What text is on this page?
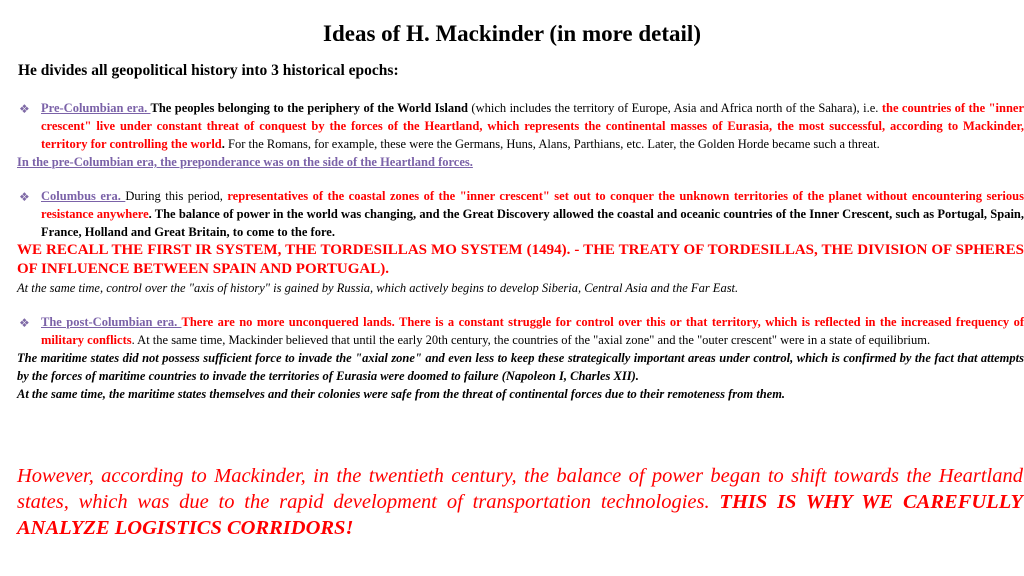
Ideas of H. Mackinder (in more detail)
He divides all geopolitical history into 3 historical epochs:
❖ Pre-Columbian era. The peoples belonging to the periphery of the World Island (which includes the territory of Europe, Asia and Africa north of the Sahara), i.e. the countries of the "inner crescent" live under constant threat of conquest by the forces of the Heartland, which represents the continental masses of Eurasia, the most successful, according to Mackinder, territory for controlling the world. For the Romans, for example, these were the Germans, Huns, Alans, Parthians, etc. Later, the Golden Horde became such a threat.
In the pre-Columbian era, the preponderance was on the side of the Heartland forces.
❖ Columbus era. During this period, representatives of the coastal zones of the "inner crescent" set out to conquer the unknown territories of the planet without encountering serious resistance anywhere. The balance of power in the world was changing, and the Great Discovery allowed the coastal and oceanic countries of the Inner Crescent, such as Portugal, Spain, France, Holland and Great Britain, to come to the fore.
WE RECALL THE FIRST IR SYSTEM, THE TORDESILLAS MO SYSTEM (1494). - THE TREATY OF TORDESILLAS, THE DIVISION OF SPHERES OF INFLUENCE BETWEEN SPAIN AND PORTUGAL).
At the same time, control over the "axis of history" is gained by Russia, which actively begins to develop Siberia, Central Asia and the Far East.
❖ The post-Columbian era. There are no more unconquered lands. There is a constant struggle for control over this or that territory, which is reflected in the increased frequency of military conflicts. At the same time, Mackinder believed that until the early 20th century, the countries of the "axial zone" and the "outer crescent" were in a state of equilibrium.
The maritime states did not possess sufficient force to invade the "axial zone" and even less to keep these strategically important areas under control, which is confirmed by the fact that attempts by the forces of maritime countries to invade the territories of Eurasia were doomed to failure (Napoleon I, Charles XII).
At the same time, the maritime states themselves and their colonies were safe from the threat of continental forces due to their remoteness from them.
However, according to Mackinder, in the twentieth century, the balance of power began to shift towards the Heartland states, which was due to the rapid development of transportation technologies. THIS IS WHY WE CAREFULLY ANALYZE LOGISTICS CORRIDORS!
